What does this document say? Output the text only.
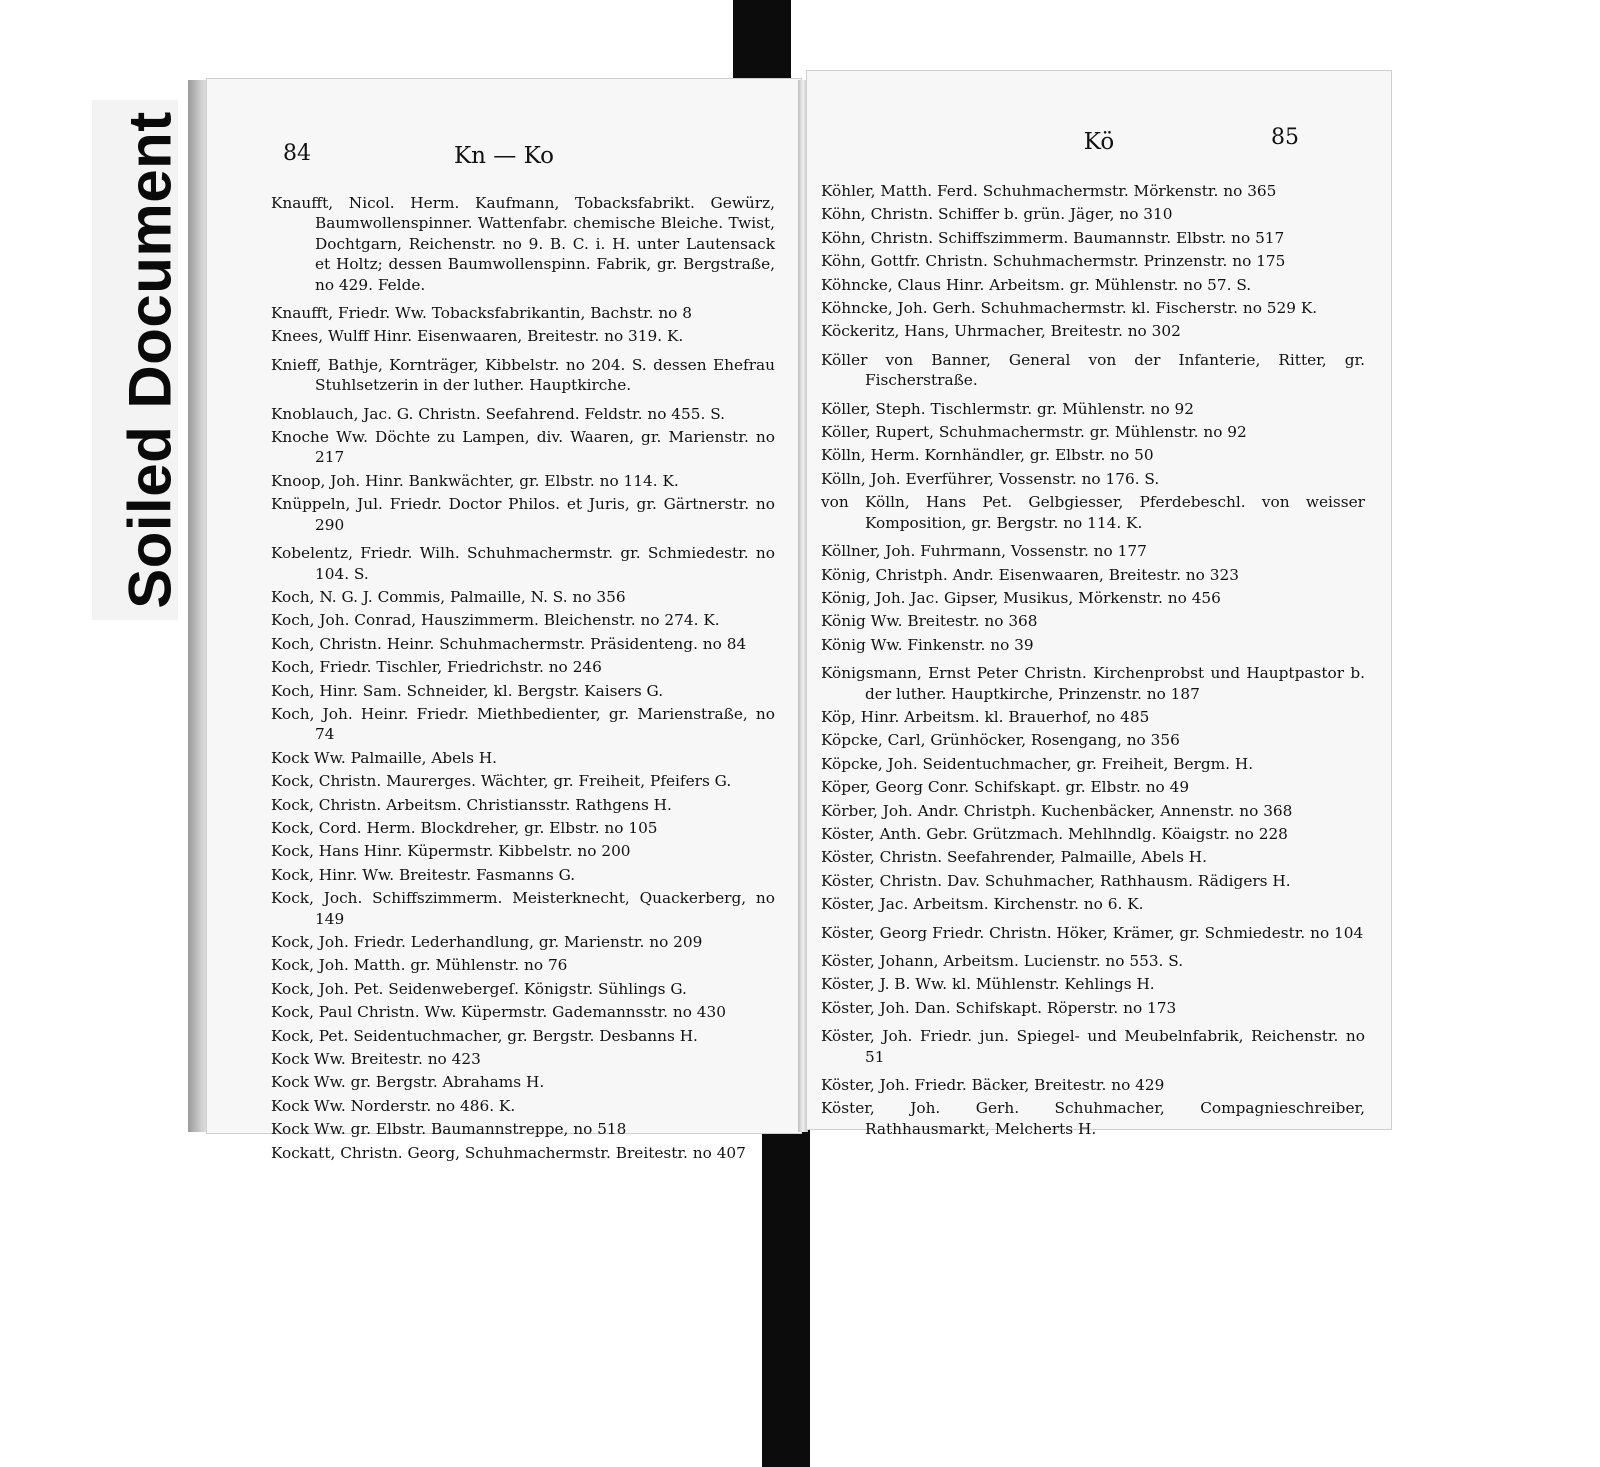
Soiled Document	84	Kn — Ko

Knaufft, Nicol. Herm. Kaufmann, Tobacksfabrikt. Gewürz, Baumwollenspinner. Wattenfabr. chemische Bleiche. Twist, Dochtgarn, Reichenstr. no 9. B. C. i. H. unter Lautensack et Holtz; dessen Baumwollenspinn. Fabrik, gr. Bergstraße, no 429. Felde.

Knaufft, Friedr. Ww. Tobacksfabrikantin, Bachstr. no 8

Knees, Wulff Hinr. Eisenwaaren, Breitestr. no 319. K.

Knieff, Bathje, Kornträger, Kibbelstr. no 204. S. dessen Ehefrau Stuhlsetzerin in der luther. Hauptkirche.

Knoblauch, Jac. G. Christn. Seefahrend. Feldstr. no 455. S.

Knoche Ww. Döchte zu Lampen, div. Waaren, gr. Marienstr. no 217

Knoop, Joh. Hinr. Bankwächter, gr. Elbstr. no 114. K.

Knüppeln, Jul. Friedr. Doctor Philos. et Juris, gr. Gärtnerstr. no 290

Kobelentz, Friedr. Wilh. Schuhmachermstr. gr. Schmiedestr. no 104. S.

Koch, N. G. J. Commis, Palmaille, N. S. no 356

Koch, Joh. Conrad, Hauszimmerm. Bleichenstr. no 274. K.

Koch, Christn. Heinr. Schuhmachermstr. Präsidenteng. no 84

Koch, Friedr. Tischler, Friedrichstr. no 246

Koch, Hinr. Sam. Schneider, kl. Bergstr. Kaisers G.

Koch, Joh. Heinr. Friedr. Miethbedienter, gr. Marienstraße, no 74

Kock Ww. Palmaille, Abels H.

Kock, Christn. Maurerges. Wächter, gr. Freiheit, Pfeifers G.

Kock, Christn. Arbeitsm. Christiansstr. Rathgens H.

Kock, Cord. Herm. Blockdreher, gr. Elbstr. no 105

Kock, Hans Hinr. Küpermstr. Kibbelstr. no 200

Kock, Hinr. Ww. Breitestr. Fasmanns G.

Kock, Joch. Schiffszimmerm. Meisterknecht, Quackerberg, no 149

Kock, Joh. Friedr. Lederhandlung, gr. Marienstr. no 209

Kock, Joh. Matth. gr. Mühlenstr. no 76

Kock, Joh. Pet. Seidenwebergeſ. Königstr. Sühlings G.

Kock, Paul Christn. Ww. Küpermstr. Gademannsstr. no 430

Kock, Pet. Seidentuchmacher, gr. Bergstr. Desbanns H.

Kock Ww. Breitestr. no 423

Kock Ww. gr. Bergstr. Abrahams H.

Kock Ww. Norderstr. no 486. K.

Kock Ww. gr. Elbstr. Baumannstreppe, no 518

Kockatt, Christn. Georg, Schuhmachermstr. Breitestr. no 407

Kö	85

Köhler, Matth. Ferd. Schuhmachermstr. Mörkenstr. no 365

Köhn, Christn. Schiffer b. grün. Jäger, no 310

Köhn, Christn. Schiffszimmerm. Baumannstr. Elbstr. no 517

Köhn, Gottfr. Christn. Schuhmachermstr. Prinzenstr. no 175

Köhncke, Claus Hinr. Arbeitsm. gr. Mühlenstr. no 57. S.

Köhncke, Joh. Gerh. Schuhmachermstr. kl. Fischerstr. no 529 K.

Köckeritz, Hans, Uhrmacher, Breitestr. no 302

Köller von Banner, General von der Infanterie, Ritter, gr. Fischerstraße.

Köller, Steph. Tischlermstr. gr. Mühlenstr. no 92

Köller, Rupert, Schuhmachermstr. gr. Mühlenstr. no 92

Kölln, Herm. Kornhändler, gr. Elbstr. no 50

Kölln, Joh. Everführer, Vossenstr. no 176. S.

von Kölln, Hans Pet. Gelbgiesser, Pferdebeschl. von weisser Komposition, gr. Bergstr. no 114. K.

Köllner, Joh. Fuhrmann, Vossenstr. no 177

König, Christph. Andr. Eisenwaaren, Breitestr. no 323

König, Joh. Jac. Gipser, Musikus, Mörkenstr. no 456

König Ww. Breitestr. no 368

König Ww. Finkenstr. no 39

Königsmann, Ernst Peter Christn. Kirchenprobst und Hauptpastor b. der luther. Hauptkirche, Prinzenstr. no 187

Köp, Hinr. Arbeitsm. kl. Brauerhof, no 485

Köpcke, Carl, Grünhöcker, Rosengang, no 356

Köpcke, Joh. Seidentuchmacher, gr. Freiheit, Bergm. H.

Köper, Georg Conr. Schifskapt. gr. Elbstr. no 49

Körber, Joh. Andr. Christph. Kuchenbäcker, Annenstr. no 368

Köster, Anth. Gebr. Grützmach. Mehlhndlg. Köaigstr. no 228

Köster, Christn. Seefahrender, Palmaille, Abels H.

Köster, Christn. Dav. Schuhmacher, Rathhausm. Rädigers H.

Köster, Jac. Arbeitsm. Kirchenstr. no 6. K.

Köster, Georg Friedr. Christn. Höker, Krämer, gr. Schmiedestr. no 104

Köster, Johann, Arbeitsm. Lucienstr. no 553. S.

Köster, J. B. Ww. kl. Mühlenstr. Kehlings H.

Köster, Joh. Dan. Schifskapt. Röperstr. no 173

Köster, Joh. Friedr. jun. Spiegel- und Meubelnfabrik, Reichenstr. no 51

Köster, Joh. Friedr. Bäcker, Breitestr. no 429

Köster, Joh. Gerh. Schuhmacher, Compagnieschreiber, Rathhausmarkt, Melcherts H.
